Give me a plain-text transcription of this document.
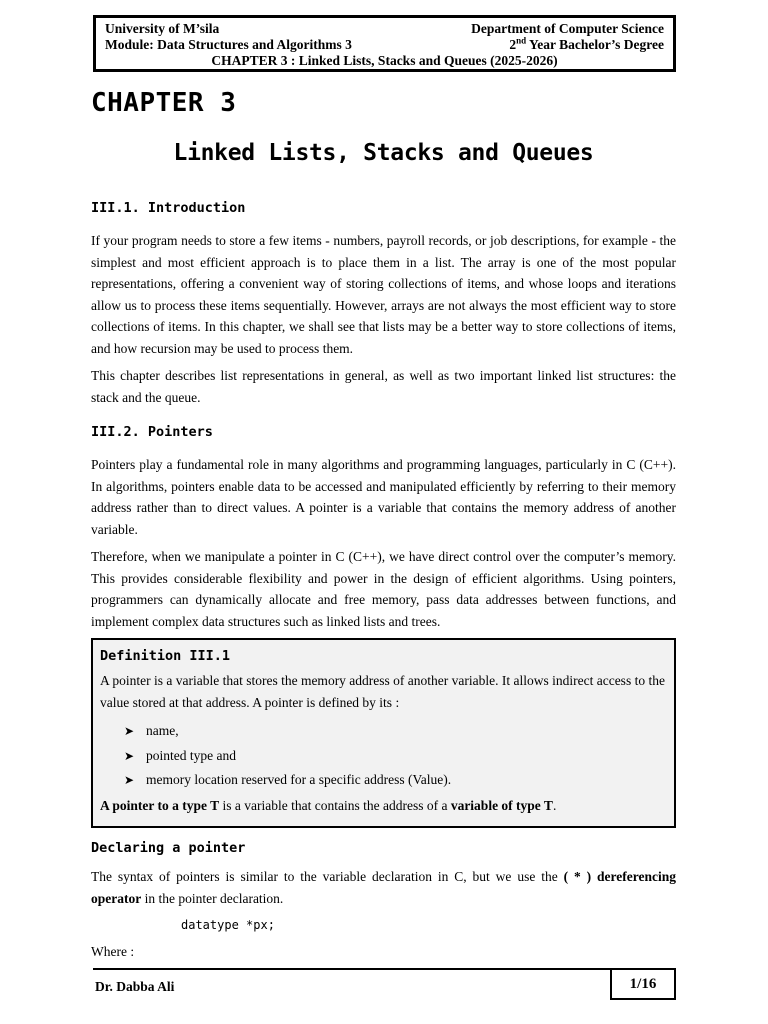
University of M’sila	Department of Computer Science
Module: Data Structures and Algorithms 3	2nd Year Bachelor’s Degree
CHAPTER 3 : Linked Lists, Stacks and Queues (2025-2026)
CHAPTER 3
Linked Lists, Stacks and Queues
III.1. Introduction

If your program needs to store a few items - numbers, payroll records, or job descriptions, for example - the simplest and most efficient approach is to place them in a list. The array is one of the most popular representations, offering a convenient way of storing collections of items, and whose loops and iterations allow us to process these items sequentially. However, arrays are not always the most efficient way to store collections of items. In this chapter, we shall see that lists may be a better way to store collections of items, and how recursion may be used to process them.

This chapter describes list representations in general, as well as two important linked list structures: the stack and the queue.

III.2. Pointers

Pointers play a fundamental role in many algorithms and programming languages, particularly in C (C++). In algorithms, pointers enable data to be accessed and manipulated efficiently by referring to their memory address rather than to direct values. A pointer is a variable that contains the memory address of another variable.

Therefore, when we manipulate a pointer in C (C++), we have direct control over the computer’s memory. This provides considerable flexibility and power in the design of efficient algorithms. Using pointers, programmers can dynamically allocate and free memory, pass data addresses between functions, and implement complex data structures such as linked lists and trees.

Definition III.1

A pointer is a variable that stores the memory address of another variable. It allows indirect access to the value stored at that address. A pointer is defined by its :

➤ name,
➤ pointed type and
➤ memory location reserved for a specific address (Value).

A pointer to a type T is a variable that contains the address of a variable of type T.

Declaring a pointer

The syntax of pointers is similar to the variable declaration in C, but we use the ( * ) dereferencing operator in the pointer declaration.

datatype *px;

Where :

Dr. Dabba Ali	1/16
